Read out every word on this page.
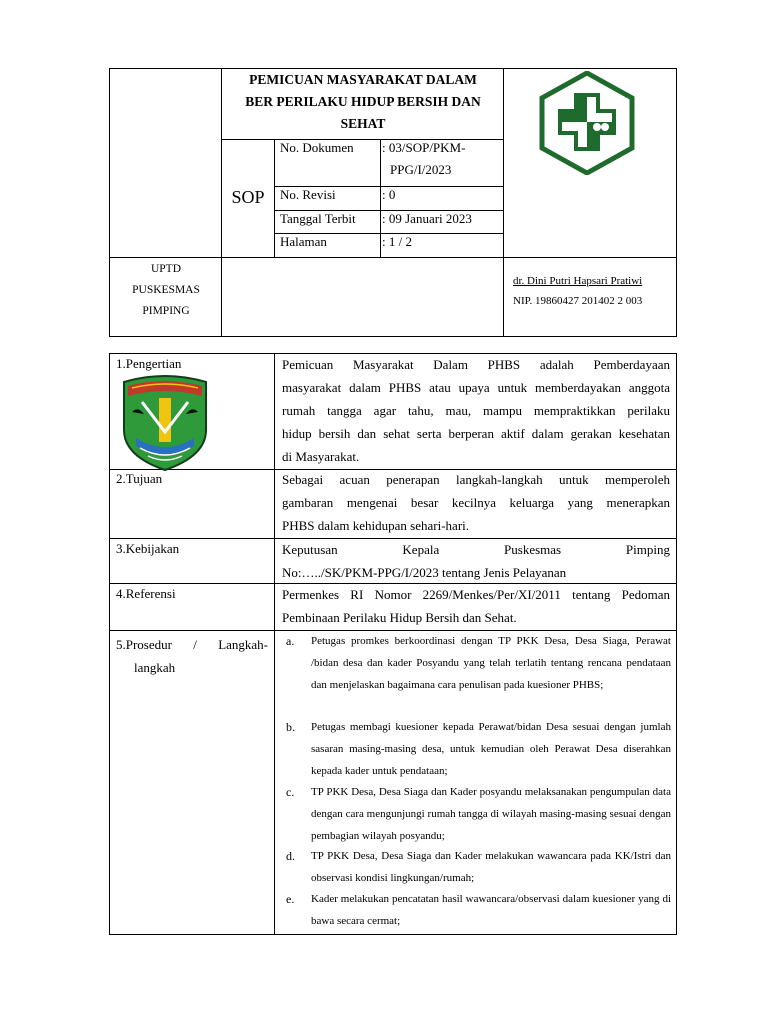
PEMICUAN MASYARAKAT DALAM
BER PERILAKU HIDUP BERSIH DAN
SEHAT
SOP
No. Dokumen : 03/SOP/PKM-
PPG/I/2023
No. Revisi	: 0
Tanggal Terbit : 09 Januari 2023
Halaman	: 1 / 2
UPTD
PUSKESMAS
PIMPING
dr. Dini Putri Hapsari Pratiwi
NIP. 19860427 201402 2 003
1.Pengertian	Pemicuan Masyarakat Dalam PHBS adalah Pemberdayaan
masyarakat dalam PHBS atau upaya untuk memberdayakan anggota
rumah tangga agar tahu, mau, mampu mempraktikkan perilaku
hidup bersih dan sehat serta berperan aktif dalam gerakan kesehatan
di Masyarakat.
2.Tujuan	Sebagai acuan penerapan langkah-langkah untuk memperoleh
gambaran mengenai besar kecilnya keluarga yang menerapkan
PHBS dalam kehidupan sehari-hari.
3.Kebijakan	Keputusan Kepala Puskesmas Pimping
No:…../SK/PKM-PPG/I/2023 tentang Jenis Pelayanan
4.Referensi	Permenkes RI Nomor 2269/Menkes/Per/XI/2011 tentang Pedoman
Pembinaan Perilaku Hidup Bersih dan Sehat.
5.Prosedur / Langkah-
langkah
a. Petugas promkes berkoordinasi dengan TP PKK Desa, Desa Siaga, Perawat /bidan desa dan kader Posyandu yang telah terlatih tentang rencana pendataan dan menjelaskan bagaimana cara penulisan pada kuesioner PHBS;
b. Petugas membagi kuesioner kepada Perawat/bidan Desa sesuai dengan jumlah sasaran masing-masing desa, untuk kemudian oleh Perawat Desa diserahkan kepada kader untuk pendataan;
c. TP PKK Desa, Desa Siaga dan Kader posyandu melaksanakan pengumpulan data dengan cara mengunjungi rumah tangga di wilayah masing-masing sesuai dengan pembagian wilayah posyandu;
d. TP PKK Desa, Desa Siaga dan Kader melakukan wawancara pada KK/Istri dan observasi kondisi lingkungan/rumah;
e. Kader melakukan pencatatan hasil wawancara/observasi dalam kuesioner yang di bawa secara cermat;
